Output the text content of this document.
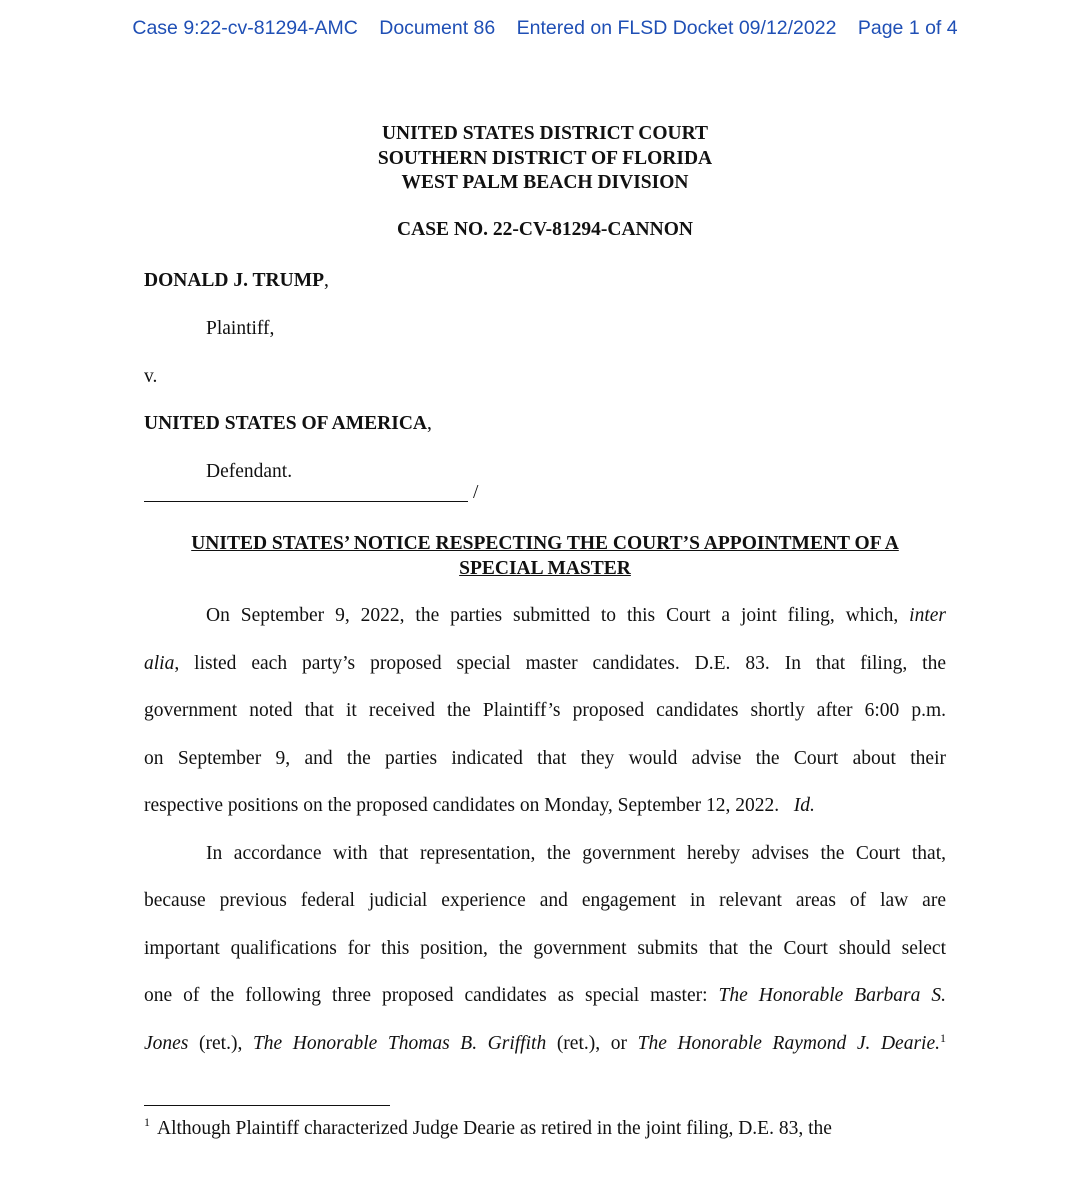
Case 9:22-cv-81294-AMC Document 86 Entered on FLSD Docket 09/12/2022 Page 1 of 4
UNITED STATES DISTRICT COURT
SOUTHERN DISTRICT OF FLORIDA
WEST PALM BEACH DIVISION
CASE NO. 22-CV-81294-CANNON
DONALD J. TRUMP,
Plaintiff,
v.
UNITED STATES OF AMERICA,
Defendant.
/
UNITED STATES’ NOTICE RESPECTING THE COURT’S APPOINTMENT OF A
SPECIAL MASTER
On September 9, 2022, the parties submitted to this Court a joint filing, which, inter
alia, listed each party’s proposed special master candidates. D.E. 83. In that filing, the
government noted that it received the Plaintiff’s proposed candidates shortly after 6:00 p.m.
on September 9, and the parties indicated that they would advise the Court about their
respective positions on the proposed candidates on Monday, September 12, 2022. Id.
In accordance with that representation, the government hereby advises the Court that,
because previous federal judicial experience and engagement in relevant areas of law are
important qualifications for this position, the government submits that the Court should select
one of the following three proposed candidates as special master: The Honorable Barbara S.
Jones (ret.), The Honorable Thomas B. Griffith (ret.), or The Honorable Raymond J. Dearie.$^1$
$^1$ Although Plaintiff characterized Judge Dearie as retired in the joint filing, D.E. 83, the
